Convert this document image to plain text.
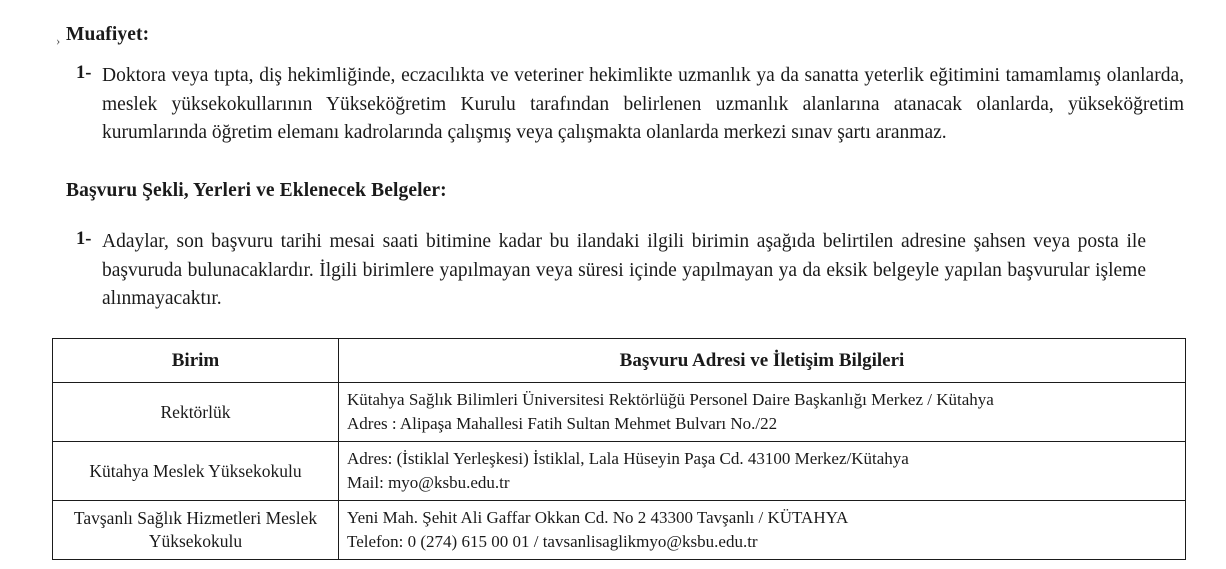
› Muafiyet:
1- Doktora veya tıpta, diş hekimliğinde, eczacılıkta ve veteriner hekimlikte uzmanlık ya da sanatta yeterlik eğitimini tamamlamış olanlarda, meslek yüksekokullarının Yükseköğretim Kurulu tarafından belirlenen uzmanlık alanlarına atanacak olanlarda, yükseköğretim kurumlarında öğretim elemanı kadrolarında çalışmış veya çalışmakta olanlarda merkezi sınav şartı aranmaz.
Başvuru Şekli, Yerleri ve Eklenecek Belgeler:
1- Adaylar, son başvuru tarihi mesai saati bitimine kadar bu ilandaki ilgili birimin aşağıda belirtilen adresine şahsen veya posta ile başvuruda bulunacaklardır. İlgili birimlere yapılmayan veya süresi içinde yapılmayan ya da eksik belgeyle yapılan başvurular işleme alınmayacaktır.
Birim	Başvuru Adresi ve İletişim Bilgileri
Rektörlük	Kütahya Sağlık Bilimleri Üniversitesi Rektörlüğü Personel Daire Başkanlığı Merkez / Kütahya
Adres : Alipaşa Mahallesi Fatih Sultan Mehmet Bulvarı No./22

Kütahya Meslek Yüksekokulu	Adres: (İstiklal Yerleşkesi) İstiklal, Lala Hüseyin Paşa Cd. 43100 Merkez/Kütahya
Mail: myo@ksbu.edu.tr

Tavşanlı Sağlık Hizmetleri Meslek Yüksekokulu	Yeni Mah. Şehit Ali Gaffar Okkan Cd. No 2 43300 Tavşanlı / KÜTAHYA
Telefon: 0 (274) 615 00 01 / tavsanlisaglikmyo@ksbu.edu.tr
